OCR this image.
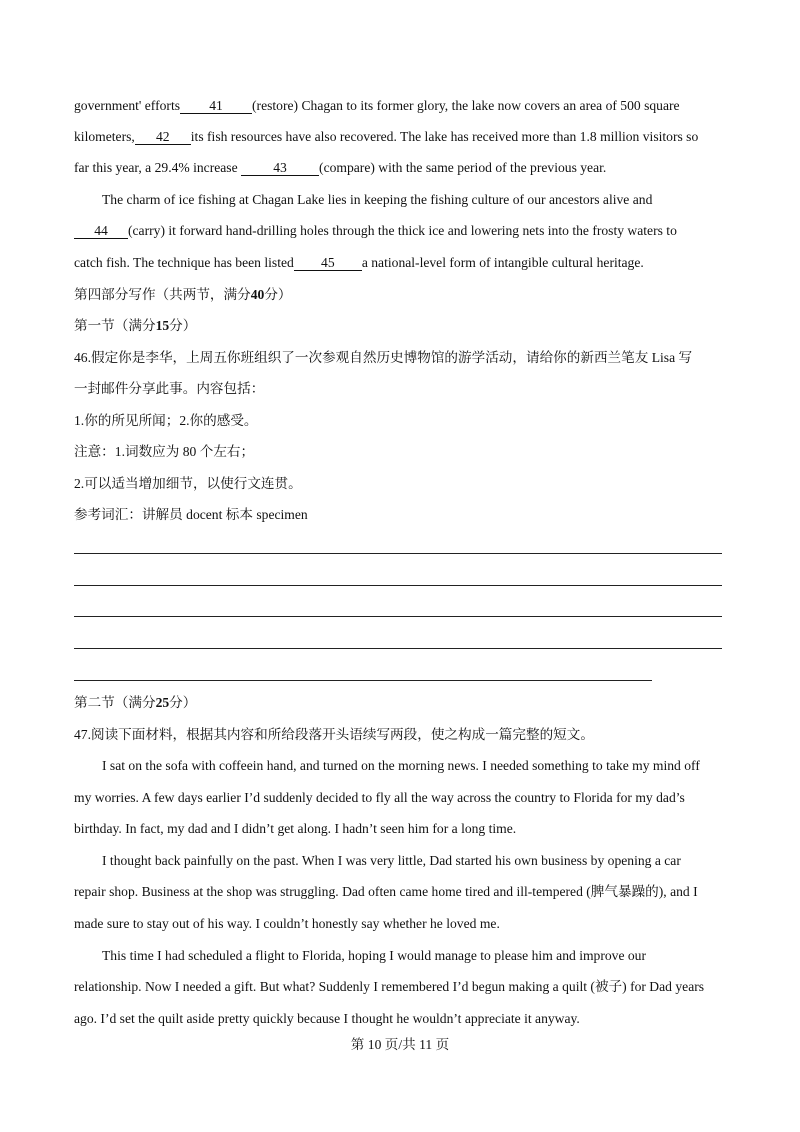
government' efforts 41 (restore) Chagan to its former glory, the lake now covers an area of 500 square
kilometers, 42 its fish resources have also recovered. The lake has received more than 1.8 million visitors so
far this year, a 29.4% increase	43 (compare) with the same period of the previous year.
The charm of ice fishing at Chagan Lake lies in keeping the fishing culture of our ancestors alive and
44 (carry) it forward hand-drilling holes through the thick ice and lowering nets into the frosty waters to
catch fish. The technique has been listed 45 a national-level form of intangible cultural heritage.
第四部分写作（共两节，满分40分）
第一节（满分15分）
46.假定你是李华，上周五你班组织了一次参观自然历史博物馆的游学活动，请给你的新西兰笔友 Lisa 写
一封邮件分享此事。内容包括：
1.你的所见所闻；2.你的感受。
注意：1.词数应为 80 个左右；
2.可以适当增加细节，以使行文连贯。
参考词汇：讲解员 docent 标本 specimen
第二节（满分25分）
47.阅读下面材料，根据其内容和所给段落开头语续写两段，使之构成一篇完整的短文。
I sat on the sofa with coffeein hand, and turned on the morning news. I needed something to take my mind off
my worries. A few days earlier I’d suddenly decided to fly all the way across the country to Florida for my dad’s
birthday. In fact, my dad and I didn’t get along. I hadn’t seen him for a long time.
I thought back painfully on the past. When I was very little, Dad started his own business by opening a car
repair shop. Business at the shop was struggling. Dad often came home tired and ill-tempered (脾气暴躁的), and I
made sure to stay out of his way. I couldn’t honestly say whether he loved me.
This time I had scheduled a flight to Florida, hoping I would manage to please him and improve our
relationship. Now I needed a gift. But what? Suddenly I remembered I’d begun making a quilt (被子) for Dad years
ago. I’d set the quilt aside pretty quickly because I thought he wouldn’t appreciate it anyway.
第 10 页/共 11 页
